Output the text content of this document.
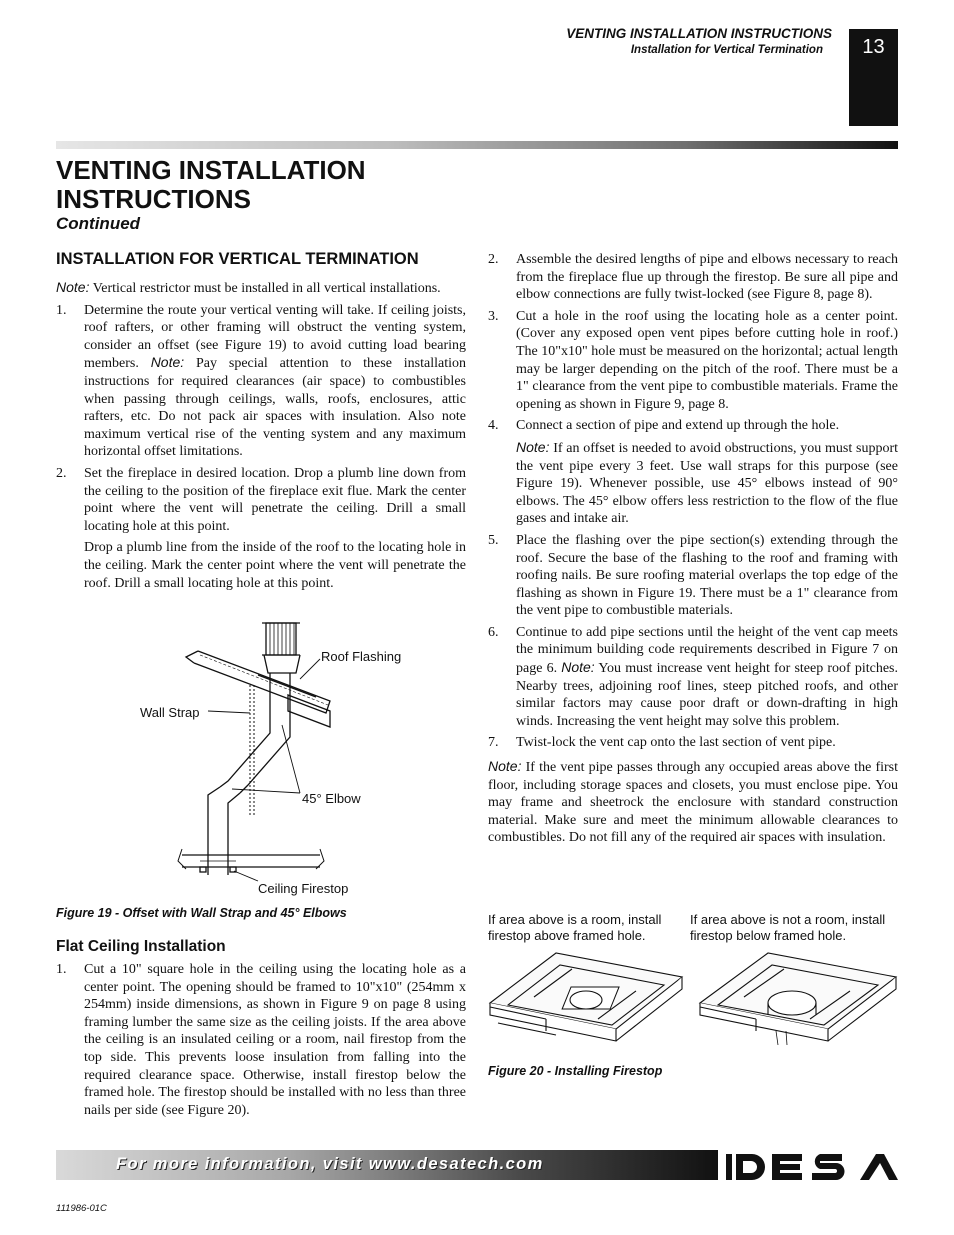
VENTING INSTALLATION INSTRUCTIONS
Installation for Vertical Termination	13
VENTING INSTALLATION
INSTRUCTIONS
Continued
INSTALLATION FOR VERTICAL TERMINATION

Note: Vertical restrictor must be installed in all vertical installations.

1. Determine the route your vertical venting will take. If ceiling joists, roof rafters, or other framing will obstruct the venting system, consider an offset (see Figure 19) to avoid cutting load bearing members. Note: Pay special attention to these installation instructions for required clearances (air space) to combustibles when passing through ceilings, walls, roofs, enclosures, attic rafters, etc. Do not pack air spaces with insulation. Also note maximum vertical rise of the venting system and any maximum horizontal offset limitations.
2. Set the fireplace in desired location. Drop a plumb line down from the ceiling to the position of the fireplace exit flue. Mark the center point where the vent will penetrate the ceiling. Drill a small locating hole at this point.
Drop a plumb line from the inside of the roof to the locating hole in the ceiling. Mark the center point where the vent will penetrate the roof. Drill a small locating hole at this point.
Roof Flashing
Wall Strap
45° Elbow
Ceiling Firestop
Figure 19 - Offset with Wall Strap and 45° Elbows
Flat Ceiling Installation
1. Cut a 10" square hole in the ceiling using the locating hole as a center point. The opening should be framed to 10"x10" (254mm x 254mm) inside dimensions, as shown in Figure 9 on page 8 using framing lumber the same size as the ceiling joists. If the area above the ceiling is an insulated ceiling or a room, nail firestop from the top side. This prevents loose insulation from falling into the required clearance space. Otherwise, install firestop below the framed hole. The firestop should be installed with no less than three nails per side (see Figure 20).
2. Assemble the desired lengths of pipe and elbows necessary to reach from the fireplace flue up through the firestop. Be sure all pipe and elbow connections are fully twist-locked (see Figure 8, page 8).
3. Cut a hole in the roof using the locating hole as a center point. (Cover any exposed open vent pipes before cutting hole in roof.) The 10"x10" hole must be measured on the horizontal; actual length may be larger depending on the pitch of the roof. There must be a 1" clearance from the vent pipe to combustible materials. Frame the opening as shown in Figure 9, page 8.
4. Connect a section of pipe and extend up through the hole.
Note: If an offset is needed to avoid obstructions, you must support the vent pipe every 3 feet. Use wall straps for this purpose (see Figure 19). Whenever possible, use 45° elbows instead of 90° elbows. The 45° elbow offers less restriction to the flow of the flue gases and intake air.
5. Place the flashing over the pipe section(s) extending through the roof. Secure the base of the flashing to the roof and framing with roofing nails. Be sure roofing material overlaps the top edge of the flashing as shown in Figure 19. There must be a 1" clearance from the vent pipe to combustible materials.
6. Continue to add pipe sections until the height of the vent cap meets the minimum building code requirements described in Figure 7 on page 6. Note: You must increase vent height for steep roof pitches. Nearby trees, adjoining roof lines, steep pitched roofs, and other similar factors may cause poor draft or down-drafting in high winds. Increasing the vent height may solve this problem.
7. Twist-lock the vent cap onto the last section of vent pipe.

Note: If the vent pipe passes through any occupied areas above the first floor, including storage spaces and closets, you must enclose pipe. You may frame and sheetrock the enclosure with standard construction material. Make sure and meet the minimum allowable clearances to combustibles. Do not fill any of the required air spaces with insulation.

If area above is a room, install firestop above framed hole.
If area above is not a room, install firestop below framed hole.
Figure 20 - Installing Firestop
For more information, visit www.desatech.com
111986-01C
